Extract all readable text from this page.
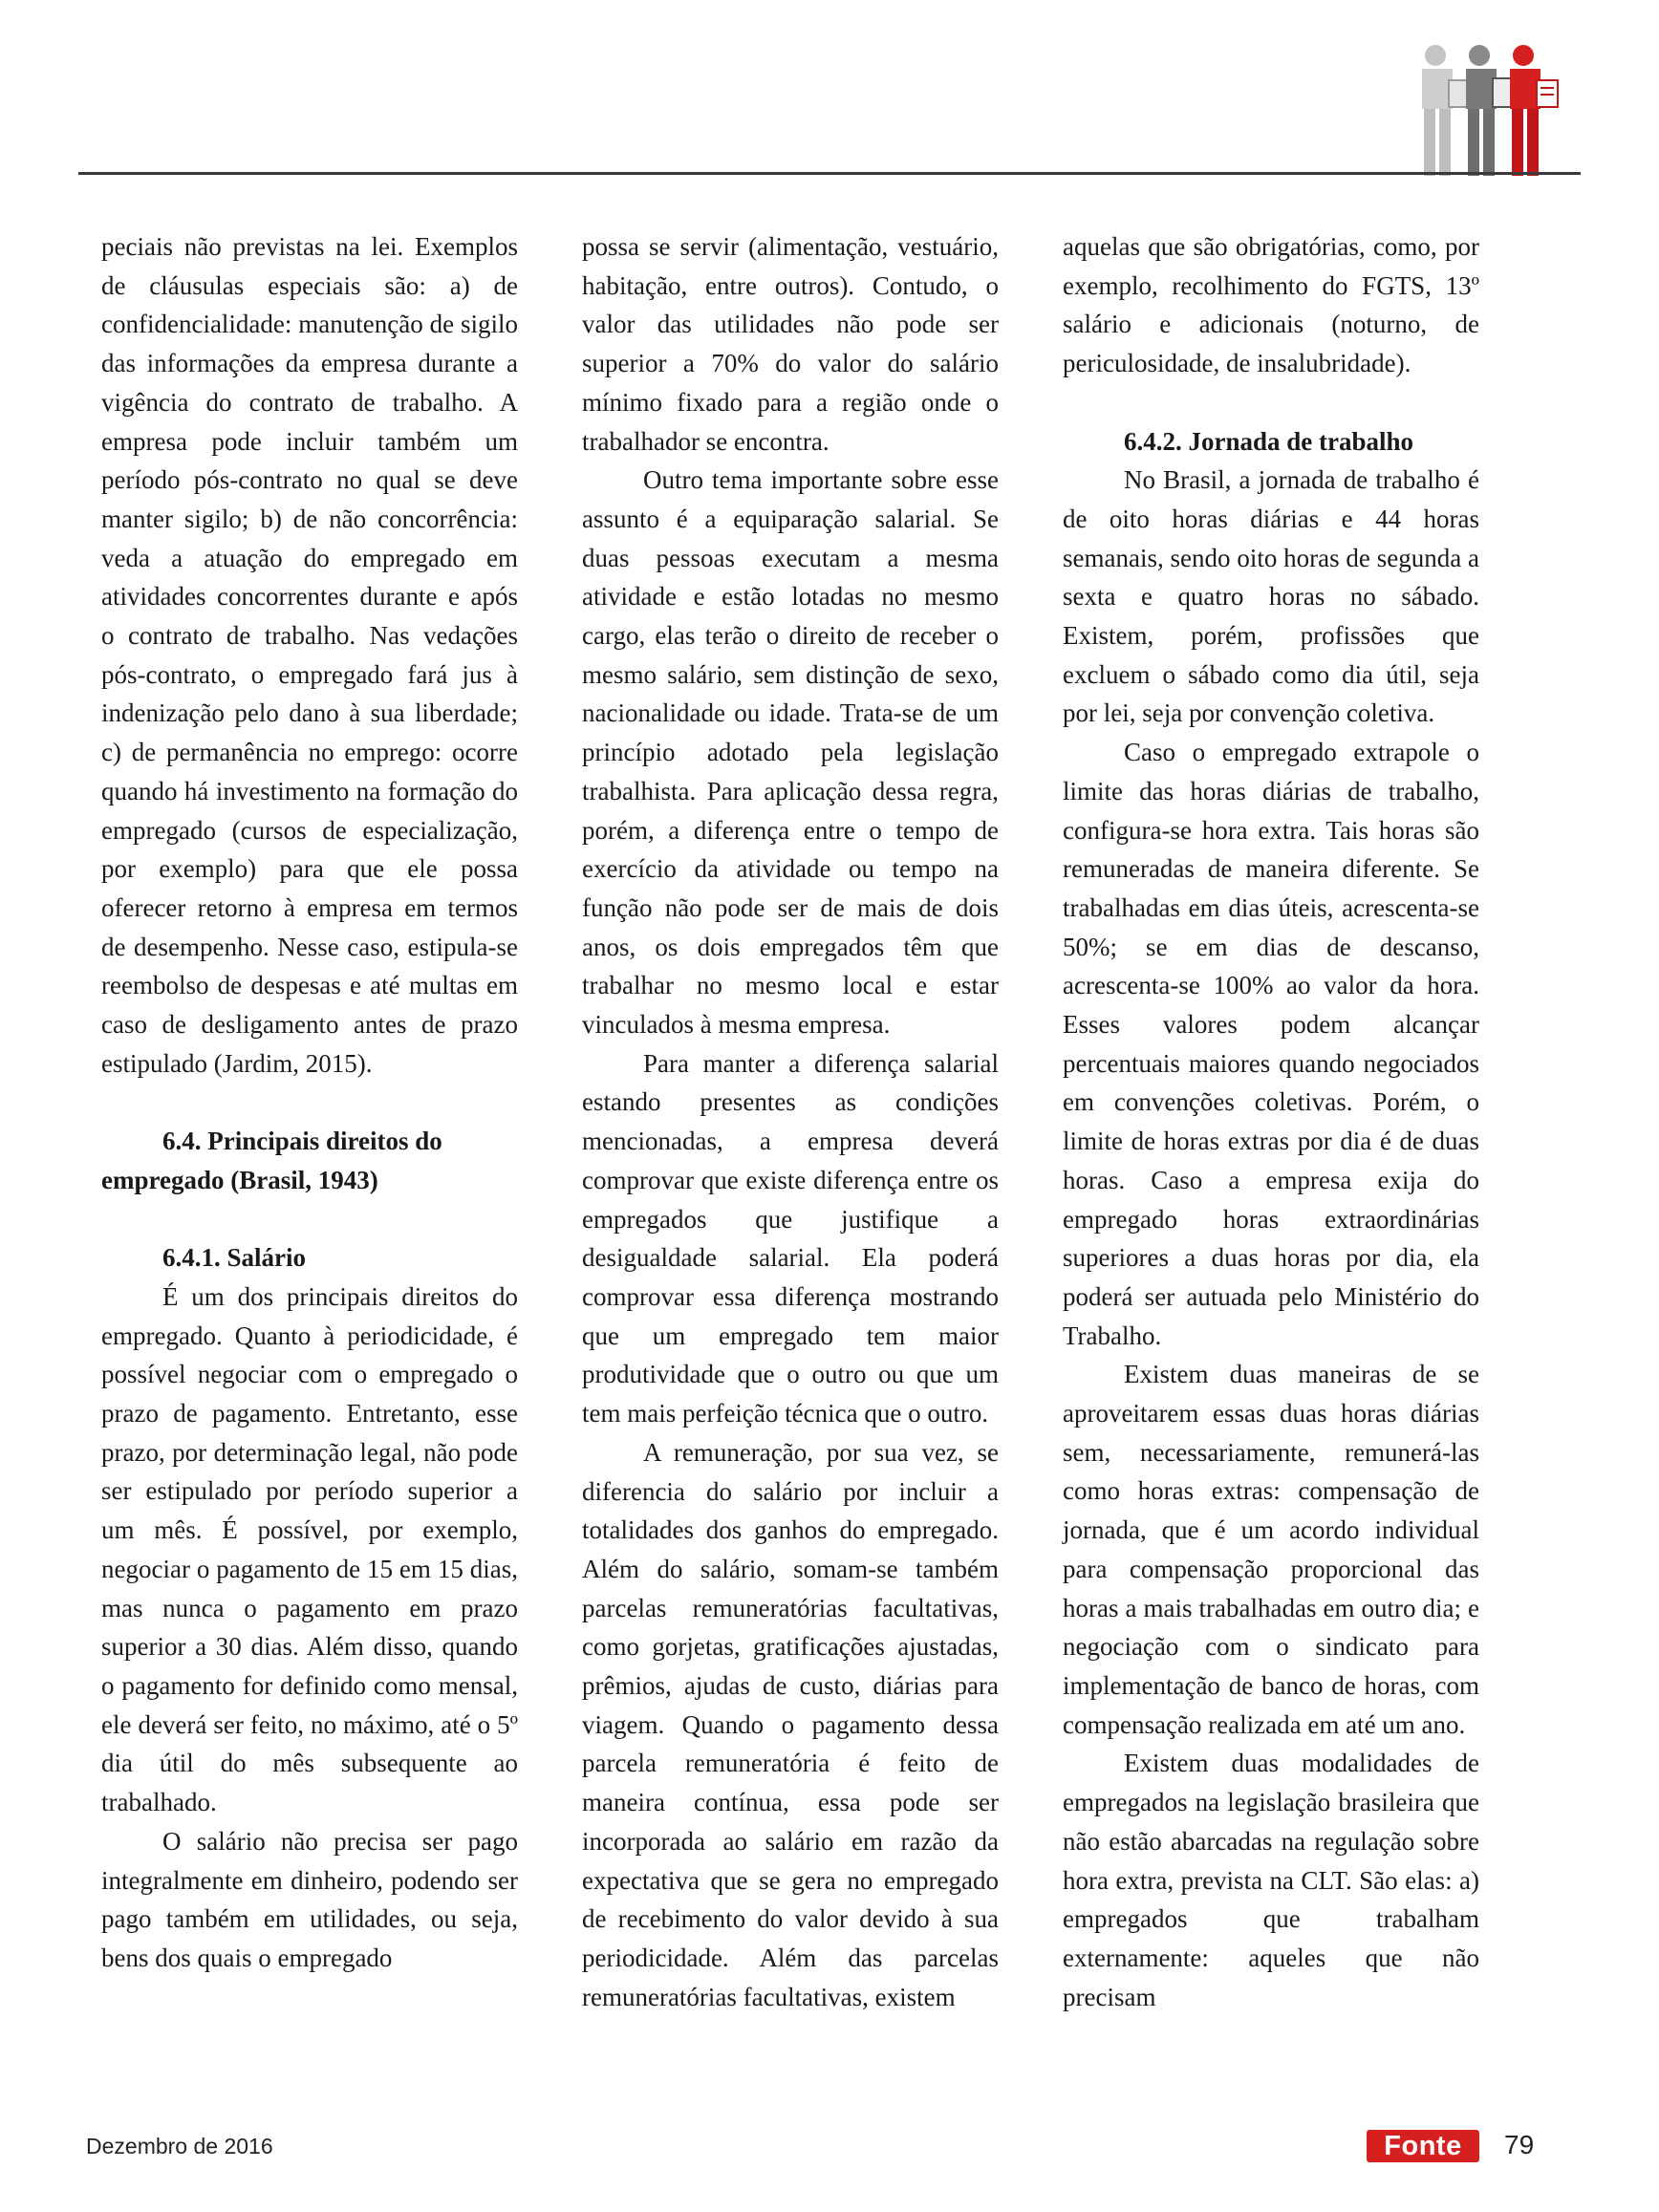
peciais não previstas na lei. Exemplos de cláusulas especiais são: a) de confidencialidade: manutenção de sigilo das informações da empresa durante a vigência do contrato de trabalho. A empresa pode incluir também um período pós-contrato no qual se deve manter sigilo; b) de não concorrência: veda a atuação do empregado em atividades concorrentes durante e após o contrato de trabalho. Nas vedações pós-contrato, o empregado fará jus à indenização pelo dano à sua liberdade; c) de permanência no emprego: ocorre quando há investimento na formação do empregado (cursos de especialização, por exemplo) para que ele possa oferecer retorno à empresa em termos de desempenho. Nesse caso, estipula-se reembolso de despesas e até multas em caso de desligamento antes de prazo estipulado (Jardim, 2015).

6.4. Principais direitos do empregado (Brasil, 1943)

6.4.1. Salário

É um dos principais direitos do empregado. Quanto à periodicidade, é possível negociar com o empregado o prazo de pagamento. Entretanto, esse prazo, por determinação legal, não pode ser estipulado por período superior a um mês. É possível, por exemplo, negociar o pagamento de 15 em 15 dias, mas nunca o pagamento em prazo superior a 30 dias. Além disso, quando o pagamento for definido como mensal, ele deverá ser feito, no máximo, até o 5º dia útil do mês subsequente ao trabalhado.

O salário não precisa ser pago integralmente em dinheiro, podendo ser pago também em utilidades, ou seja, bens dos quais o empregado

possa se servir (alimentação, vestuário, habitação, entre outros). Contudo, o valor das utilidades não pode ser superior a 70% do valor do salário mínimo fixado para a região onde o trabalhador se encontra.

Outro tema importante sobre esse assunto é a equiparação salarial. Se duas pessoas executam a mesma atividade e estão lotadas no mesmo cargo, elas terão o direito de receber o mesmo salário, sem distinção de sexo, nacionalidade ou idade. Trata-se de um princípio adotado pela legislação trabalhista. Para aplicação dessa regra, porém, a diferença entre o tempo de exercício da atividade ou tempo na função não pode ser de mais de dois anos, os dois empregados têm que trabalhar no mesmo local e estar vinculados à mesma empresa.

Para manter a diferença salarial estando presentes as condições mencionadas, a empresa deverá comprovar que existe diferença entre os empregados que justifique a desigualdade salarial. Ela poderá comprovar essa diferença mostrando que um empregado tem maior produtividade que o outro ou que um tem mais perfeição técnica que o outro.

A remuneração, por sua vez, se diferencia do salário por incluir a totalidades dos ganhos do empregado. Além do salário, somam-se também parcelas remuneratórias facultativas, como gorjetas, gratificações ajustadas, prêmios, ajudas de custo, diárias para viagem. Quando o pagamento dessa parcela remuneratória é feito de maneira contínua, essa pode ser incorporada ao salário em razão da expectativa que se gera no empregado de recebimento do valor devido à sua periodicidade. Além das parcelas remuneratórias facultativas, existem

aquelas que são obrigatórias, como, por exemplo, recolhimento do FGTS, 13º salário e adicionais (noturno, de periculosidade, de insalubridade).

6.4.2. Jornada de trabalho

No Brasil, a jornada de trabalho é de oito horas diárias e 44 horas semanais, sendo oito horas de segunda a sexta e quatro horas no sábado. Existem, porém, profissões que excluem o sábado como dia útil, seja por lei, seja por convenção coletiva.

Caso o empregado extrapole o limite das horas diárias de trabalho, configura-se hora extra. Tais horas são remuneradas de maneira diferente. Se trabalhadas em dias úteis, acrescenta-se 50%; se em dias de descanso, acrescenta-se 100% ao valor da hora. Esses valores podem alcançar percentuais maiores quando negociados em convenções coletivas. Porém, o limite de horas extras por dia é de duas horas. Caso a empresa exija do empregado horas extraordinárias superiores a duas horas por dia, ela poderá ser autuada pelo Ministério do Trabalho.

Existem duas maneiras de se aproveitarem essas duas horas diárias sem, necessariamente, remunerá-las como horas extras: compensação de jornada, que é um acordo individual para compensação proporcional das horas a mais trabalhadas em outro dia; e negociação com o sindicato para implementação de banco de horas, com compensação realizada em até um ano.

Existem duas modalidades de empregados na legislação brasileira que não estão abarcadas na regulação sobre hora extra, prevista na CLT. São elas: a) empregados que trabalham externamente: aqueles que não precisam

Dezembro de 2016	Fonte	79
